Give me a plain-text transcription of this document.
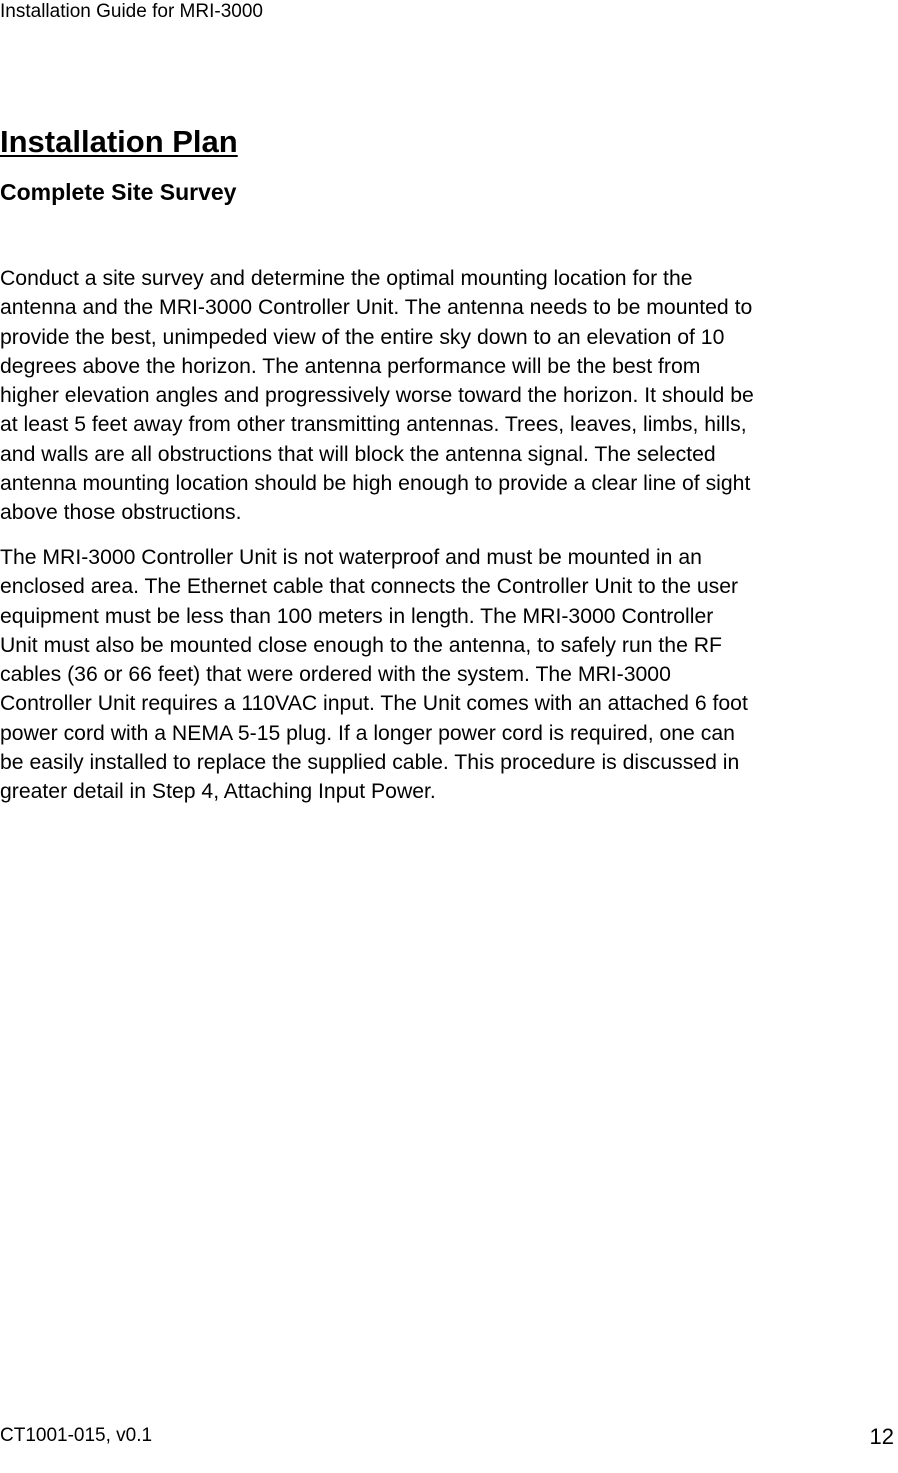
Installation Guide for MRI-3000
Installation Plan
Complete Site Survey

Conduct a site survey and determine the optimal mounting location for the
antenna and the MRI-3000 Controller Unit. The antenna needs to be mounted to
provide the best, unimpeded view of the entire sky down to an elevation of 10
degrees above the horizon. The antenna performance will be the best from
higher elevation angles and progressively worse toward the horizon. It should be
at least 5 feet away from other transmitting antennas. Trees, leaves, limbs, hills,
and walls are all obstructions that will block the antenna signal. The selected
antenna mounting location should be high enough to provide a clear line of sight
above those obstructions.

The MRI-3000 Controller Unit is not waterproof and must be mounted in an
enclosed area. The Ethernet cable that connects the Controller Unit to the user
equipment must be less than 100 meters in length. The MRI-3000 Controller
Unit must also be mounted close enough to the antenna, to safely run the RF
cables (36 or 66 feet) that were ordered with the system. The MRI-3000
Controller Unit requires a 110VAC input. The Unit comes with an attached 6 foot
power cord with a NEMA 5-15 plug. If a longer power cord is required, one can
be easily installed to replace the supplied cable. This procedure is discussed in
greater detail in Step 4, Attaching Input Power.

CT1001-015, v0.1	12
